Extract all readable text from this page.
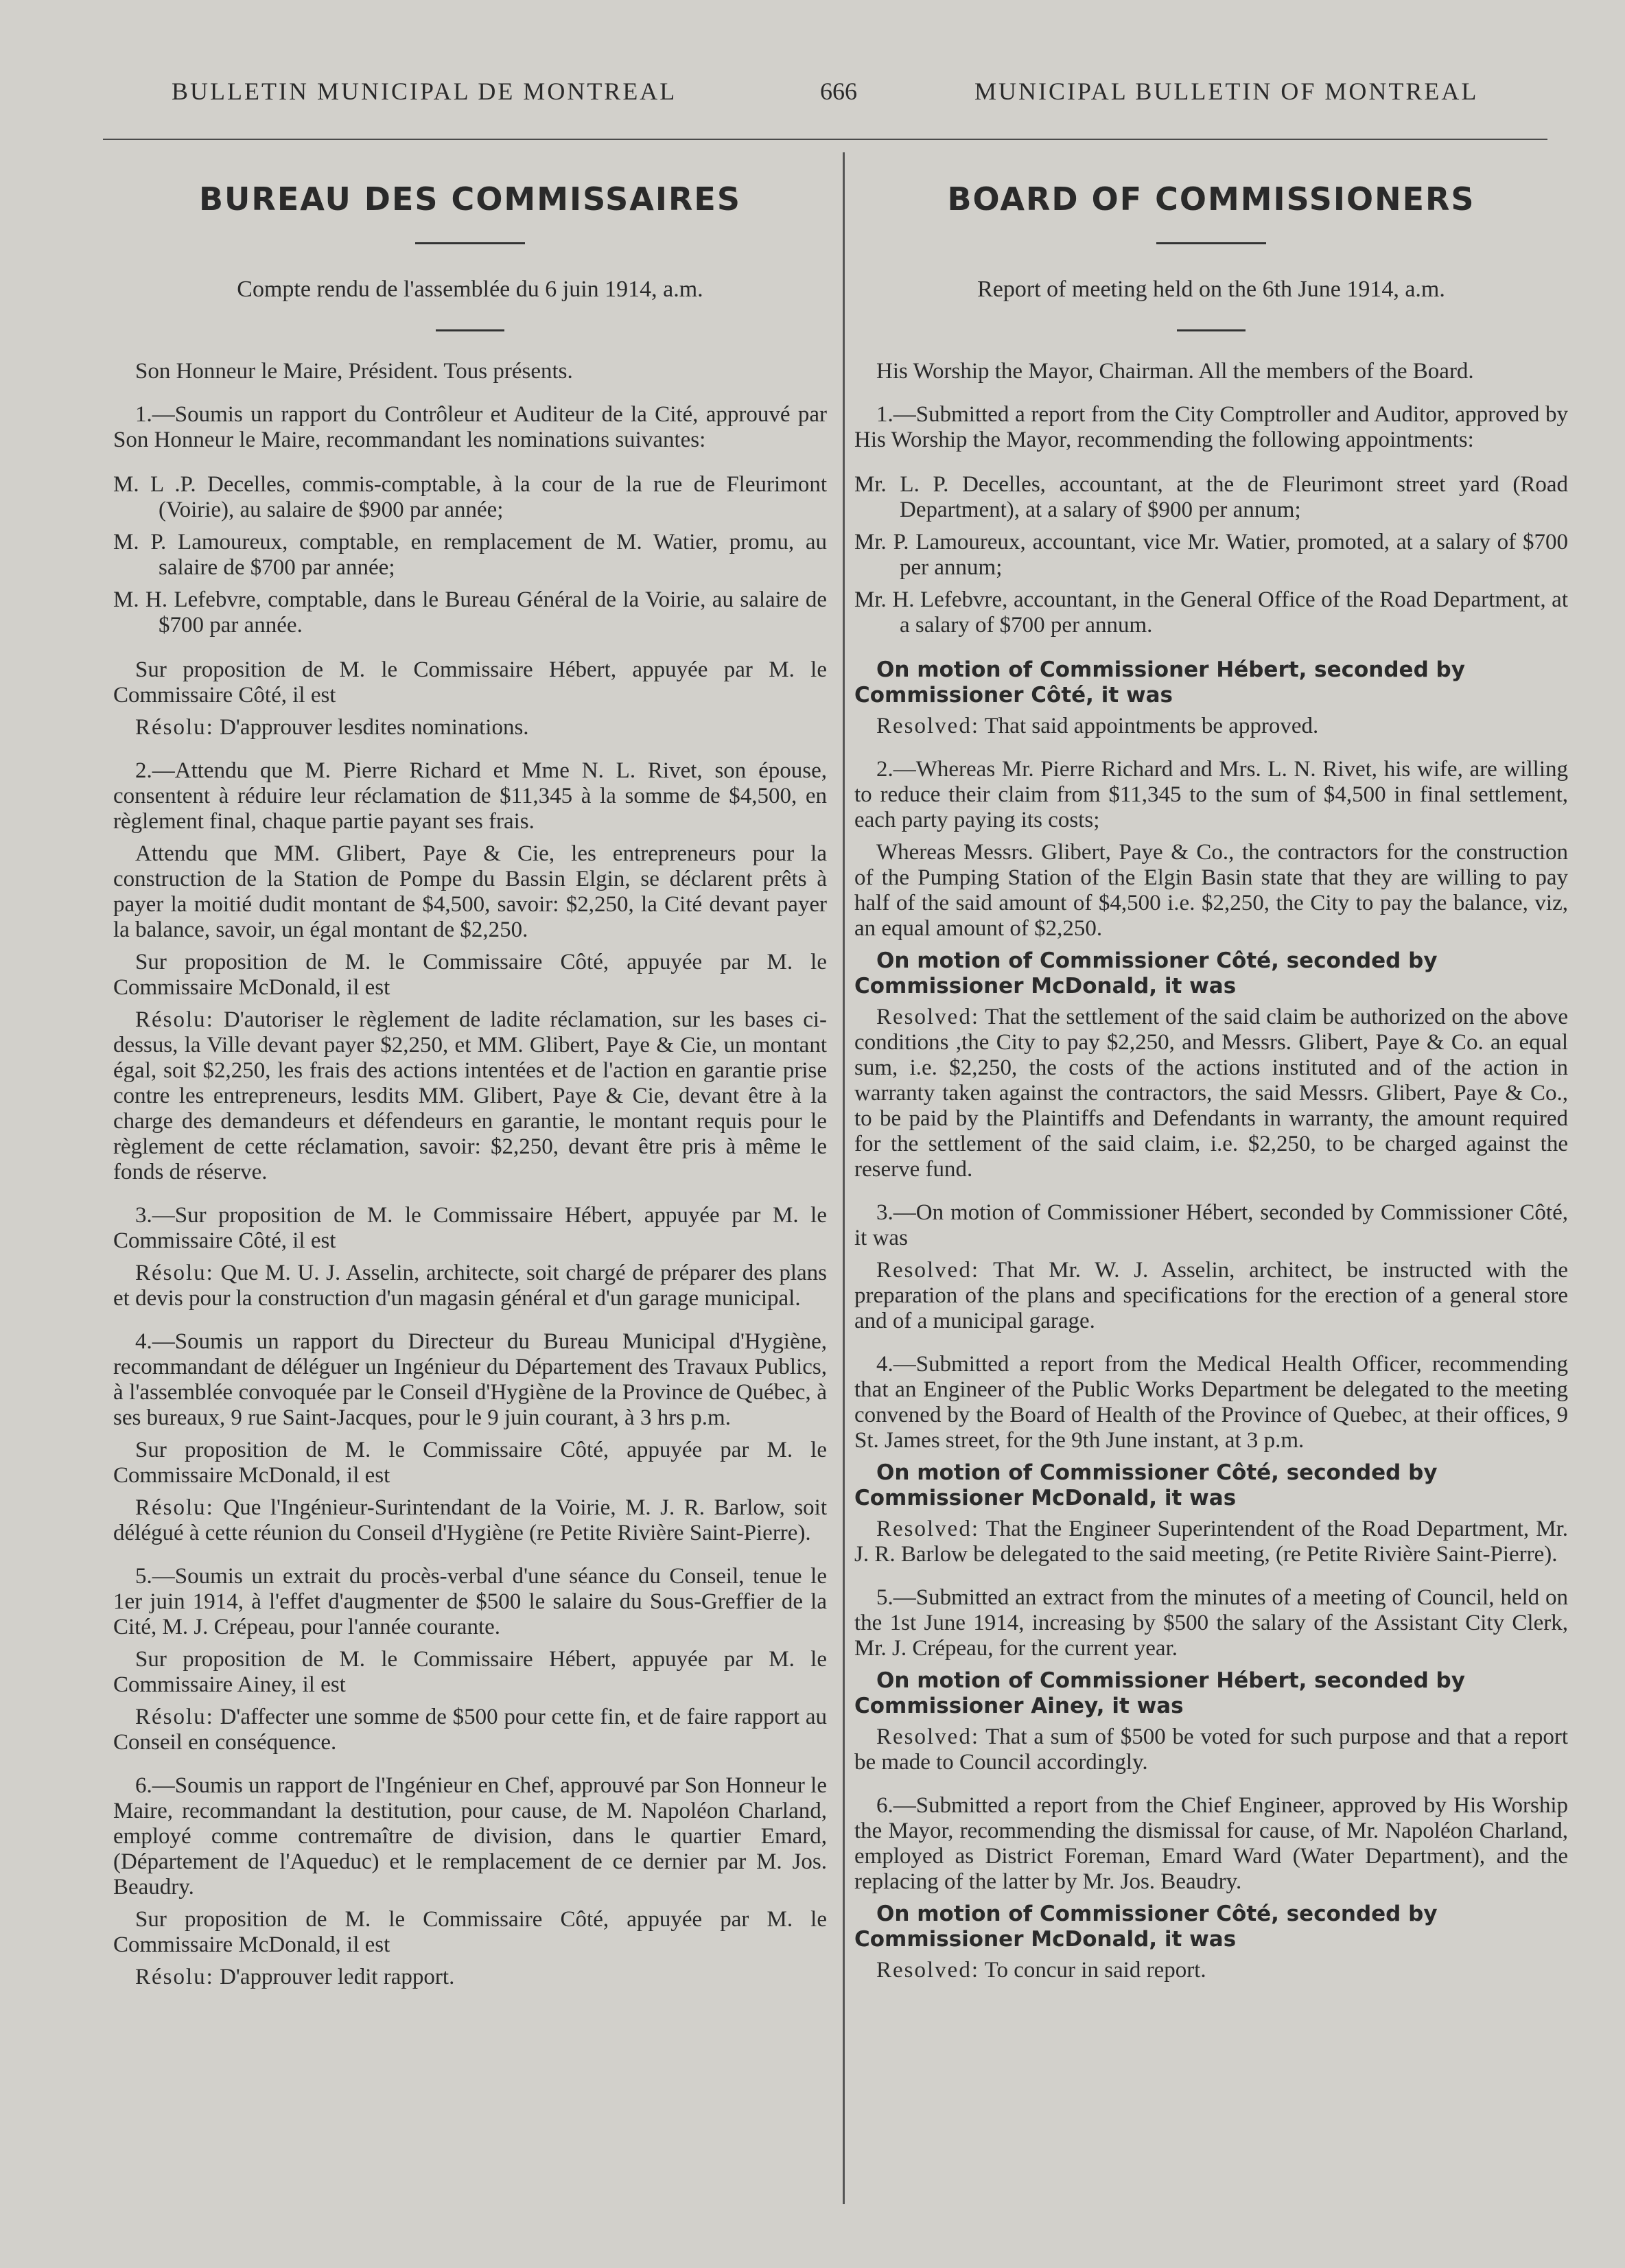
BULLETIN MUNICIPAL DE MONTREAL	666	MUNICIPAL BULLETIN OF MONTREAL
BUREAU DES COMMISSAIRES
Compte rendu de l'assemblée du 6 juin 1914, a.m.

Son Honneur le Maire, Président. Tous présents.

1.—Soumis un rapport du Contrôleur et Auditeur de la Cité, approuvé par Son Honneur le Maire, recommandant les nominations suivantes:

M. L .P. Decelles, commis-comptable, à la cour de la rue de Fleurimont (Voirie), au salaire de $900 par année;

M. P. Lamoureux, comptable, en remplacement de M. Watier, promu, au salaire de $700 par année;

M. H. Lefebvre, comptable, dans le Bureau Général de la Voirie, au salaire de $700 par année.

Sur proposition de M. le Commissaire Hébert, appuyée par M. le Commissaire Côté, il est

Résolu: D'approuver lesdites nominations.

2.—Attendu que M. Pierre Richard et Mme N. L. Rivet, son épouse, consentent à réduire leur réclamation de $11,345 à la somme de $4,500, en règlement final, chaque partie payant ses frais.

Attendu que MM. Glibert, Paye & Cie, les entrepreneurs pour la construction de la Station de Pompe du Bassin Elgin, se déclarent prêts à payer la moitié dudit montant de $4,500, savoir: $2,250, la Cité devant payer la balance, savoir, un égal montant de $2,250.

Sur proposition de M. le Commissaire Côté, appuyée par M. le Commissaire McDonald, il est

Résolu: D'autoriser le règlement de ladite réclamation, sur les bases ci-dessus, la Ville devant payer $2,250, et MM. Glibert, Paye & Cie, un montant égal, soit $2,250, les frais des actions intentées et de l'action en garantie prise contre les entrepreneurs, lesdits MM. Glibert, Paye & Cie, devant être à la charge des demandeurs et défendeurs en garantie, le montant requis pour le règlement de cette réclamation, savoir: $2,250, devant être pris à même le fonds de réserve.

3.—Sur proposition de M. le Commissaire Hébert, appuyée par M. le Commissaire Côté, il est

Résolu: Que M. U. J. Asselin, architecte, soit chargé de préparer des plans et devis pour la construction d'un magasin général et d'un garage municipal.

4.—Soumis un rapport du Directeur du Bureau Municipal d'Hygiène, recommandant de déléguer un Ingénieur du Département des Travaux Publics, à l'assemblée convoquée par le Conseil d'Hygiène de la Province de Québec, à ses bureaux, 9 rue Saint-Jacques, pour le 9 juin courant, à 3 hrs p.m.

Sur proposition de M. le Commissaire Côté, appuyée par M. le Commissaire McDonald, il est

Résolu: Que l'Ingénieur-Surintendant de la Voirie, M. J. R. Barlow, soit délégué à cette réunion du Conseil d'Hygiène (re Petite Rivière Saint-Pierre).

5.—Soumis un extrait du procès-verbal d'une séance du Conseil, tenue le 1er juin 1914, à l'effet d'augmenter de $500 le salaire du Sous-Greffier de la Cité, M. J. Crépeau, pour l'année courante.

Sur proposition de M. le Commissaire Hébert, appuyée par M. le Commissaire Ainey, il est

Résolu: D'affecter une somme de $500 pour cette fin, et de faire rapport au Conseil en conséquence.

6.—Soumis un rapport de l'Ingénieur en Chef, approuvé par Son Honneur le Maire, recommandant la destitution, pour cause, de M. Napoléon Charland, employé comme contremaître de division, dans le quartier Emard, (Département de l'Aqueduc) et le remplacement de ce dernier par M. Jos. Beaudry.

Sur proposition de M. le Commissaire Côté, appuyée par M. le Commissaire McDonald, il est

Résolu: D'approuver ledit rapport.

BOARD OF COMMISSIONERS
Report of meeting held on the 6th June 1914, a.m.

His Worship the Mayor, Chairman. All the members of the Board.

1.—Submitted a report from the City Comptroller and Auditor, approved by His Worship the Mayor, recommending the following appointments:

Mr. L. P. Decelles, accountant, at the de Fleurimont street yard (Road Department), at a salary of $900 per annum;

Mr. P. Lamoureux, accountant, vice Mr. Watier, promoted, at a salary of $700 per annum;

Mr. H. Lefebvre, accountant, in the General Office of the Road Department, at a salary of $700 per annum.

On motion of Commissioner Hébert, seconded by Commissioner Côté, it was

Resolved: That said appointments be approved.

2.—Whereas Mr. Pierre Richard and Mrs. L. N. Rivet, his wife, are willing to reduce their claim from $11,345 to the sum of $4,500 in final settlement, each party paying its costs;

Whereas Messrs. Glibert, Paye & Co., the contractors for the construction of the Pumping Station of the Elgin Basin state that they are willing to pay half of the said amount of $4,500 i.e. $2,250, the City to pay the balance, viz, an equal amount of $2,250.

On motion of Commissioner Côté, seconded by Commissioner McDonald, it was

Resolved: That the settlement of the said claim be authorized on the above conditions ,the City to pay $2,250, and Messrs. Glibert, Paye & Co. an equal sum, i.e. $2,250, the costs of the actions instituted and of the action in warranty taken against the contractors, the said Messrs. Glibert, Paye & Co., to be paid by the Plaintiffs and Defendants in warranty, the amount required for the settlement of the said claim, i.e. $2,250, to be charged against the reserve fund.

3.—On motion of Commissioner Hébert, seconded by Commissioner Côté, it was

Resolved: That Mr. W. J. Asselin, architect, be instructed with the preparation of the plans and specifications for the erection of a general store and of a municipal garage.

4.—Submitted a report from the Medical Health Officer, recommending that an Engineer of the Public Works Department be delegated to the meeting convened by the Board of Health of the Province of Quebec, at their offices, 9 St. James street, for the 9th June instant, at 3 p.m.

On motion of Commissioner Côté, seconded by Commissioner McDonald, it was

Resolved: That the Engineer Superintendent of the Road Department, Mr. J. R. Barlow be delegated to the said meeting, (re Petite Rivière Saint-Pierre).

5.—Submitted an extract from the minutes of a meeting of Council, held on the 1st June 1914, increasing by $500 the salary of the Assistant City Clerk, Mr. J. Crépeau, for the current year.

On motion of Commissioner Hébert, seconded by Commissioner Ainey, it was

Resolved: That a sum of $500 be voted for such purpose and that a report be made to Council accordingly.

6.—Submitted a report from the Chief Engineer, approved by His Worship the Mayor, recommending the dismissal for cause, of Mr. Napoléon Charland, employed as District Foreman, Emard Ward (Water Department), and the replacing of the latter by Mr. Jos. Beaudry.

On motion of Commissioner Côté, seconded by Commissioner McDonald, it was

Resolved: To concur in said report.
